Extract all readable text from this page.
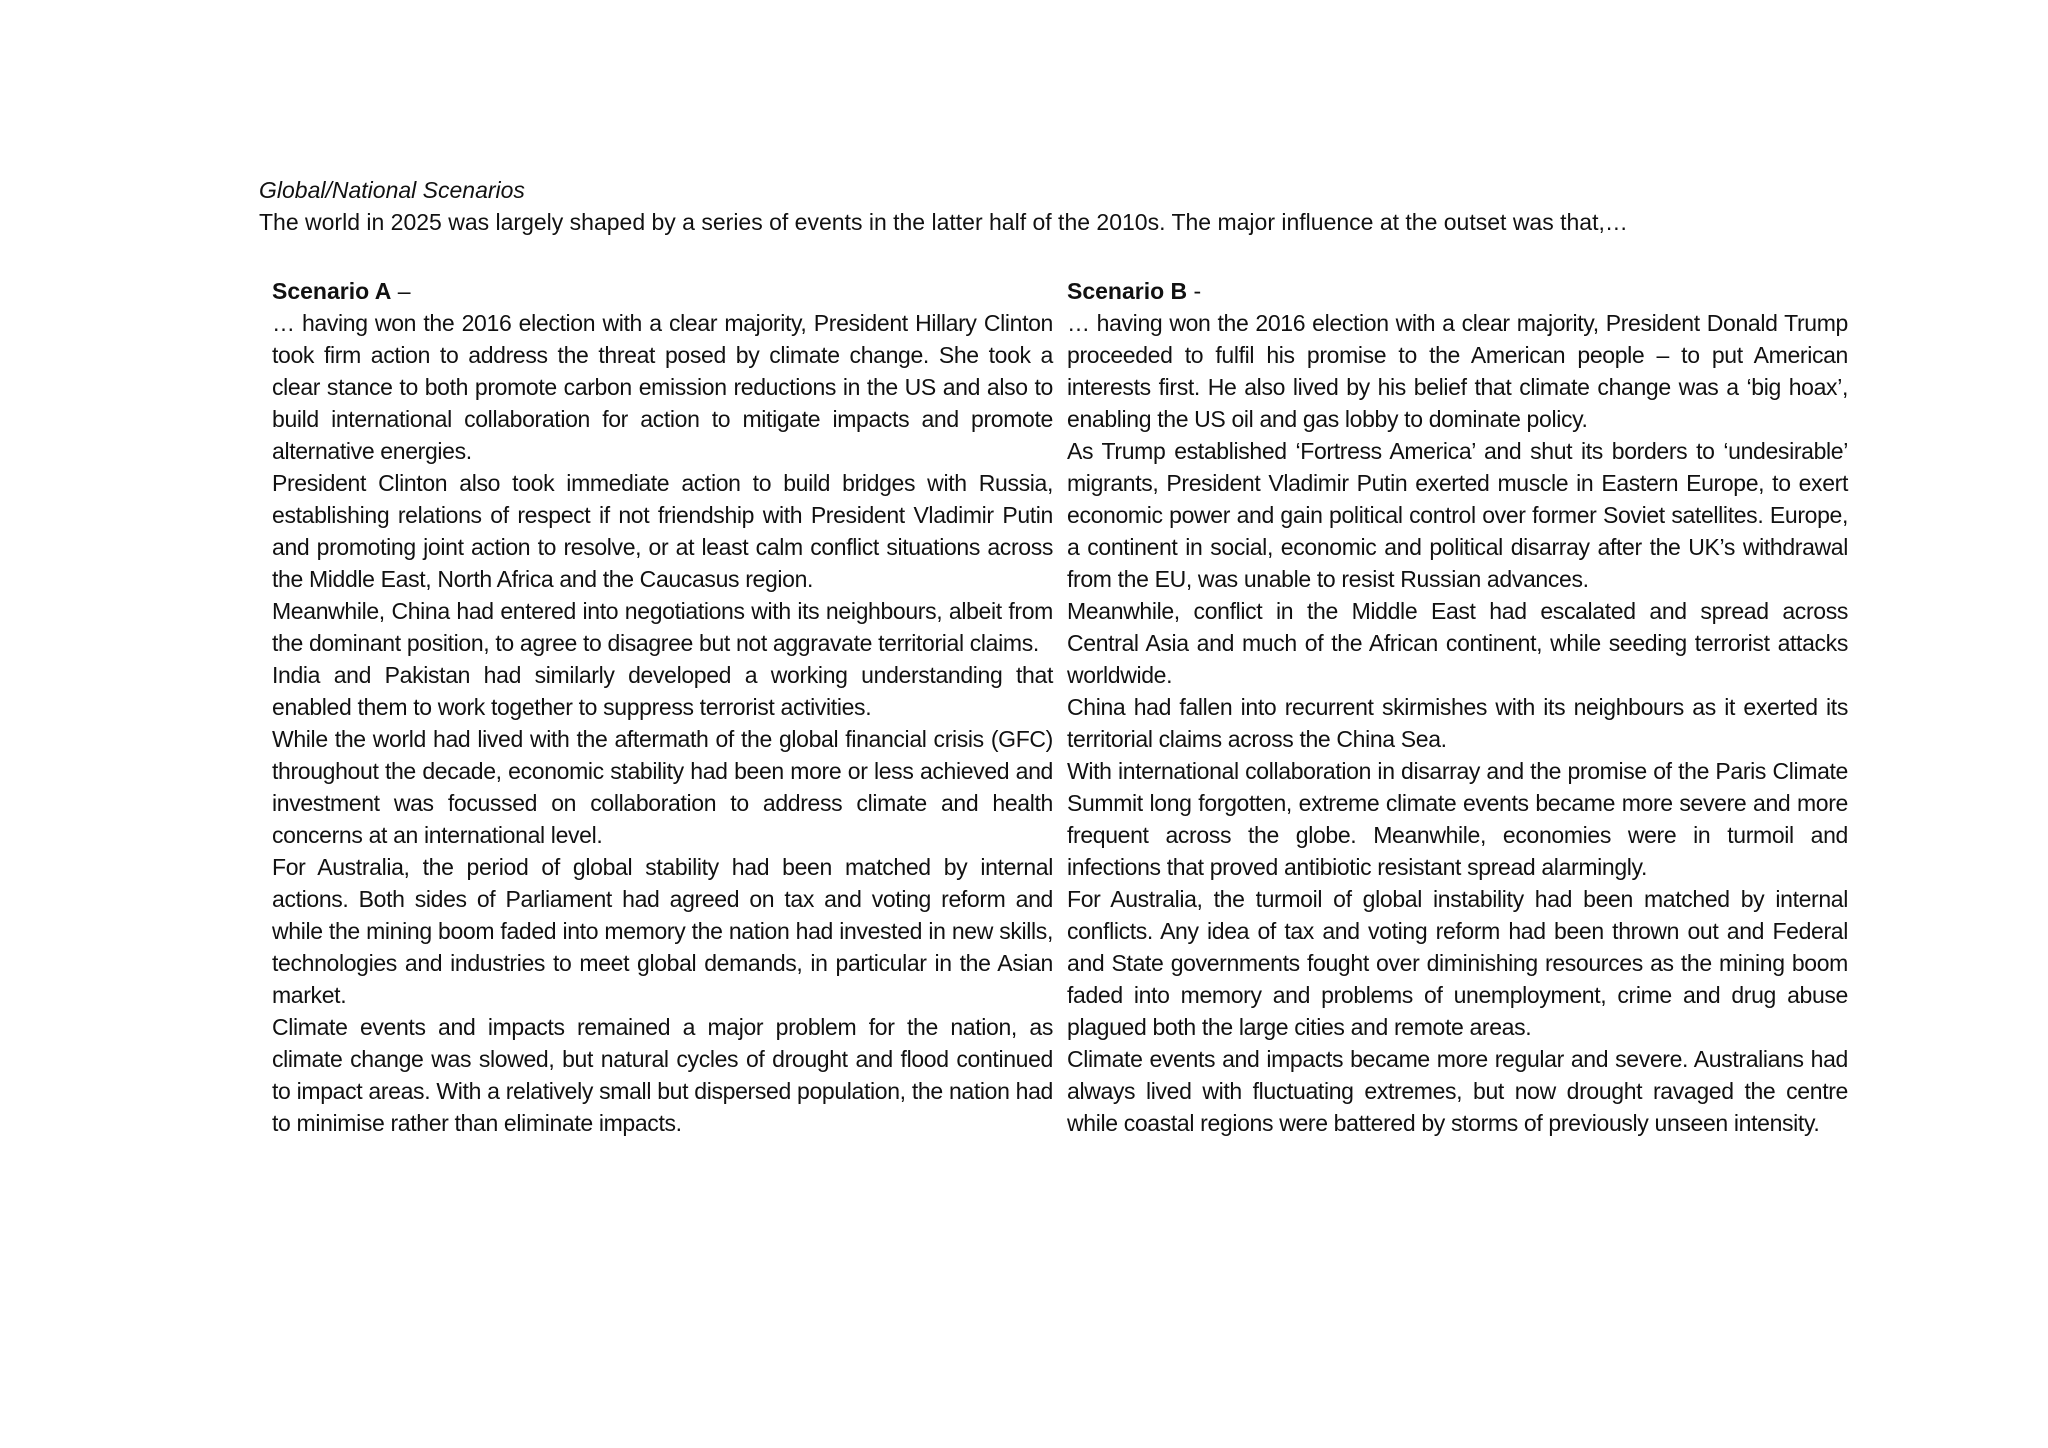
Global/National Scenarios
The world in 2025 was largely shaped by a series of events in the latter half of the 2010s. The major influence at the outset was that,…

Scenario A –

… having won the 2016 election with a clear majority, President Hillary Clinton took firm action to address the threat posed by climate change. She took a clear stance to both promote carbon emission reductions in the US and also to build international collaboration for action to mitigate impacts and promote alternative energies.

President Clinton also took immediate action to build bridges with Russia, establishing relations of respect if not friendship with President Vladimir Putin and promoting joint action to resolve, or at least calm conflict situations across the Middle East, North Africa and the Caucasus region.

Meanwhile, China had entered into negotiations with its neighbours, albeit from the dominant position, to agree to disagree but not aggravate territorial claims.

India and Pakistan had similarly developed a working understanding that enabled them to work together to suppress terrorist activities.

While the world had lived with the aftermath of the global financial crisis (GFC) throughout the decade, economic stability had been more or less achieved and investment was focussed on collaboration to address climate and health concerns at an international level.

For Australia, the period of global stability had been matched by internal actions. Both sides of Parliament had agreed on tax and voting reform and while the mining boom faded into memory the nation had invested in new skills, technologies and industries to meet global demands, in particular in the Asian market.

Climate events and impacts remained a major problem for the nation, as climate change was slowed, but natural cycles of drought and flood continued to impact areas. With a relatively small but dispersed population, the nation had to minimise rather than eliminate impacts.

Scenario B -

… having won the 2016 election with a clear majority, President Donald Trump proceeded to fulfil his promise to the American people – to put American interests first. He also lived by his belief that climate change was a ‘big hoax’, enabling the US oil and gas lobby to dominate policy.

As Trump established ‘Fortress America’ and shut its borders to ‘undesirable’ migrants, President Vladimir Putin exerted muscle in Eastern Europe, to exert economic power and gain political control over former Soviet satellites. Europe, a continent in social, economic and political disarray after the UK’s withdrawal from the EU, was unable to resist Russian advances.

Meanwhile, conflict in the Middle East had escalated and spread across Central Asia and much of the African continent, while seeding terrorist attacks worldwide.

China had fallen into recurrent skirmishes with its neighbours as it exerted its territorial claims across the China Sea.

With international collaboration in disarray and the promise of the Paris Climate Summit long forgotten, extreme climate events became more severe and more frequent across the globe. Meanwhile, economies were in turmoil and infections that proved antibiotic resistant spread alarmingly.

For Australia, the turmoil of global instability had been matched by internal conflicts. Any idea of tax and voting reform had been thrown out and Federal and State governments fought over diminishing resources as the mining boom faded into memory and problems of unemployment, crime and drug abuse plagued both the large cities and remote areas.

Climate events and impacts became more regular and severe. Australians had always lived with fluctuating extremes, but now drought ravaged the centre while coastal regions were battered by storms of previously unseen intensity.
